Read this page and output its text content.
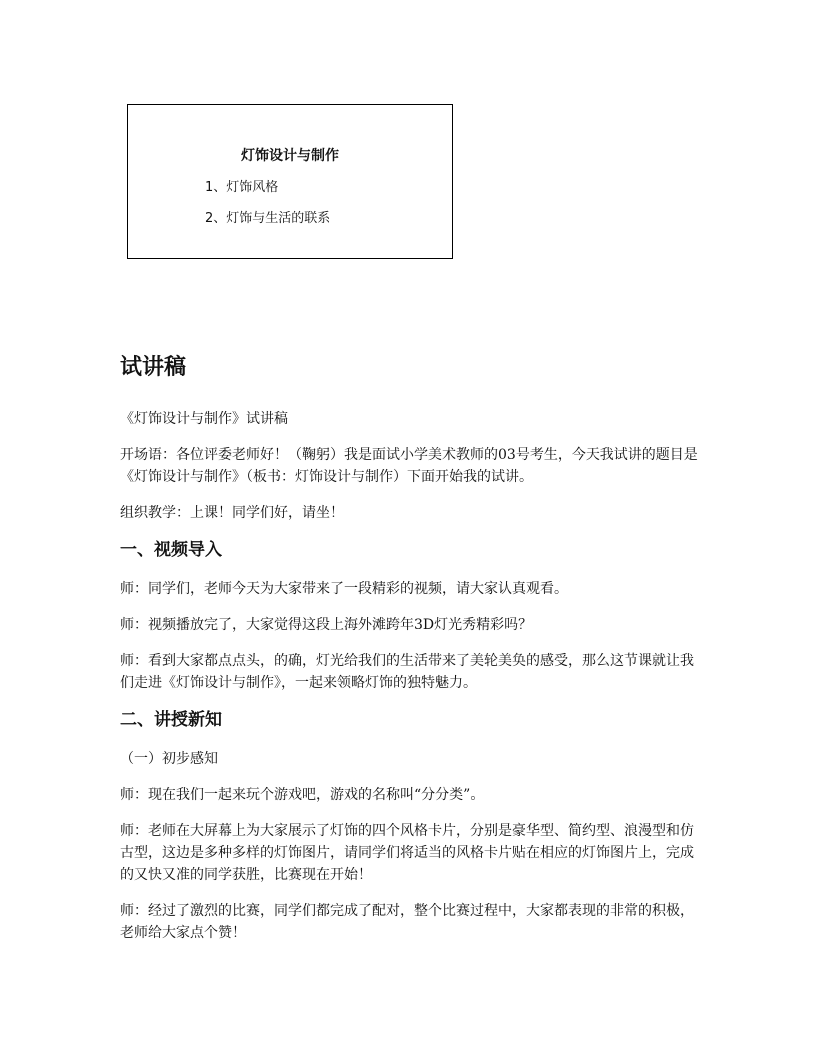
灯饰设计与制作
1、灯饰风格
2、灯饰与生活的联系
试讲稿

《灯饰设计与制作》试讲稿

开场语：各位评委老师好！（鞠躬）我是面试小学美术教师的03号考生，今天我试讲的题目是《灯饰设计与制作》（板书：灯饰设计与制作）下面开始我的试讲。

组织教学：上课！同学们好，请坐！

一、视频导入

师：同学们，老师今天为大家带来了一段精彩的视频，请大家认真观看。

师：视频播放完了，大家觉得这段上海外滩跨年3D灯光秀精彩吗？

师：看到大家都点点头，的确，灯光给我们的生活带来了美轮美奂的感受，那么这节课就让我们走进《灯饰设计与制作》，一起来领略灯饰的独特魅力。

二、讲授新知

（一）初步感知

师：现在我们一起来玩个游戏吧，游戏的名称叫“分分类”。

师：老师在大屏幕上为大家展示了灯饰的四个风格卡片，分别是豪华型、简约型、浪漫型和仿古型，这边是多种多样的灯饰图片，请同学们将适当的风格卡片贴在相应的灯饰图片上，完成的又快又准的同学获胜，比赛现在开始！

师：经过了激烈的比赛，同学们都完成了配对，整个比赛过程中，大家都表现的非常的积极，老师给大家点个赞！
